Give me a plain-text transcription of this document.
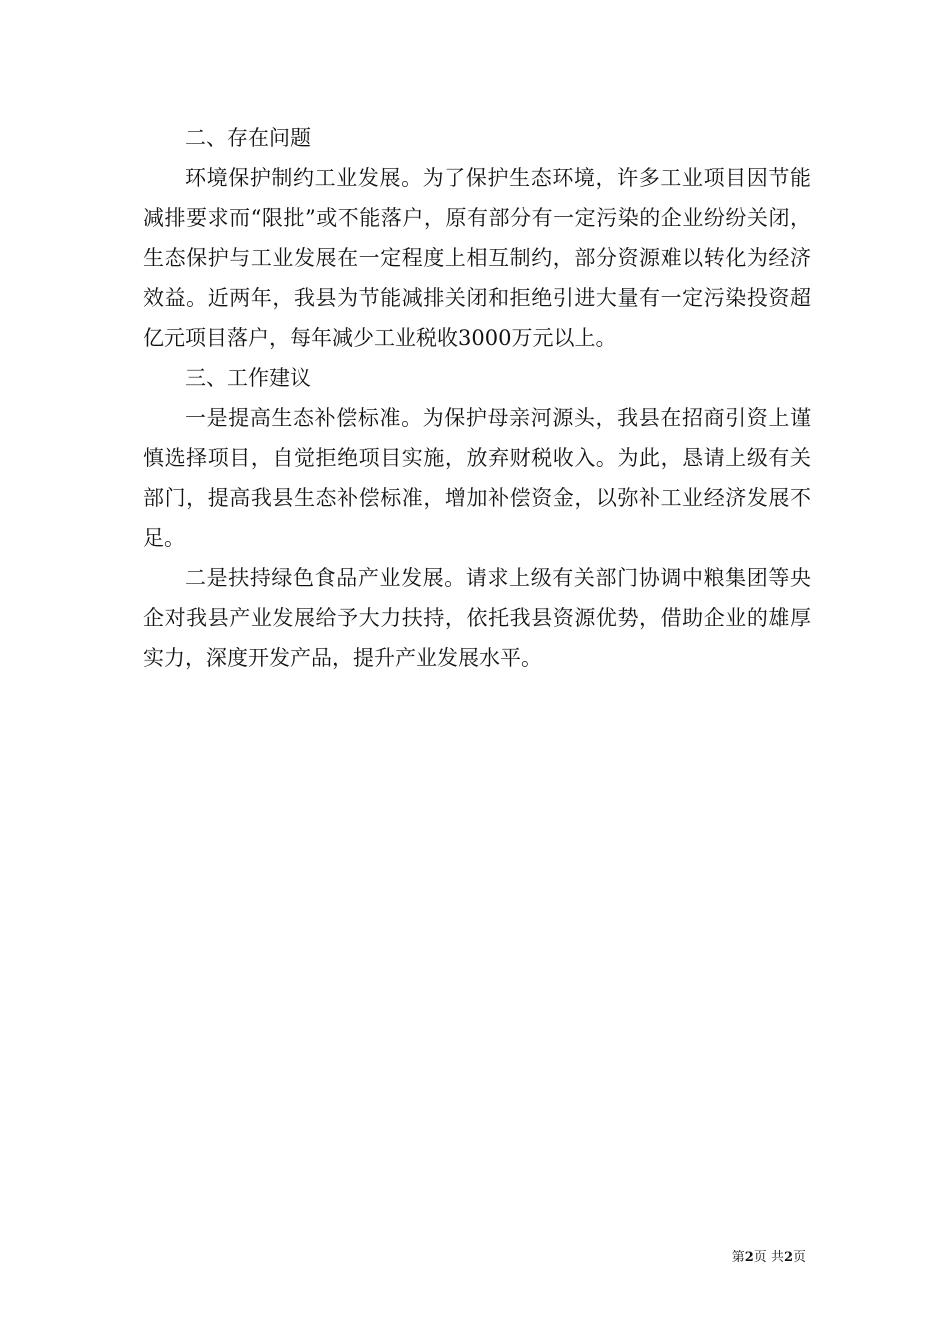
二、存在问题

环境保护制约工业发展。为了保护生态环境，许多工业项目因节能减排要求而“限批”或不能落户，原有部分有一定污染的企业纷纷关闭，生态保护与工业发展在一定程度上相互制约，部分资源难以转化为经济效益。近两年，我县为节能减排关闭和拒绝引进大量有一定污染投资超亿元项目落户，每年减少工业税收3000万元以上。

三、工作建议

一是提高生态补偿标准。为保护母亲河源头，我县在招商引资上谨慎选择项目，自觉拒绝项目实施，放弃财税收入。为此，恳请上级有关部门，提高我县生态补偿标准，增加补偿资金，以弥补工业经济发展不足。

二是扶持绿色食品产业发展。请求上级有关部门协调中粮集团等央企对我县产业发展给予大力扶持，依托我县资源优势，借助企业的雄厚实力，深度开发产品，提升产业发展水平。

第2页 共2页
